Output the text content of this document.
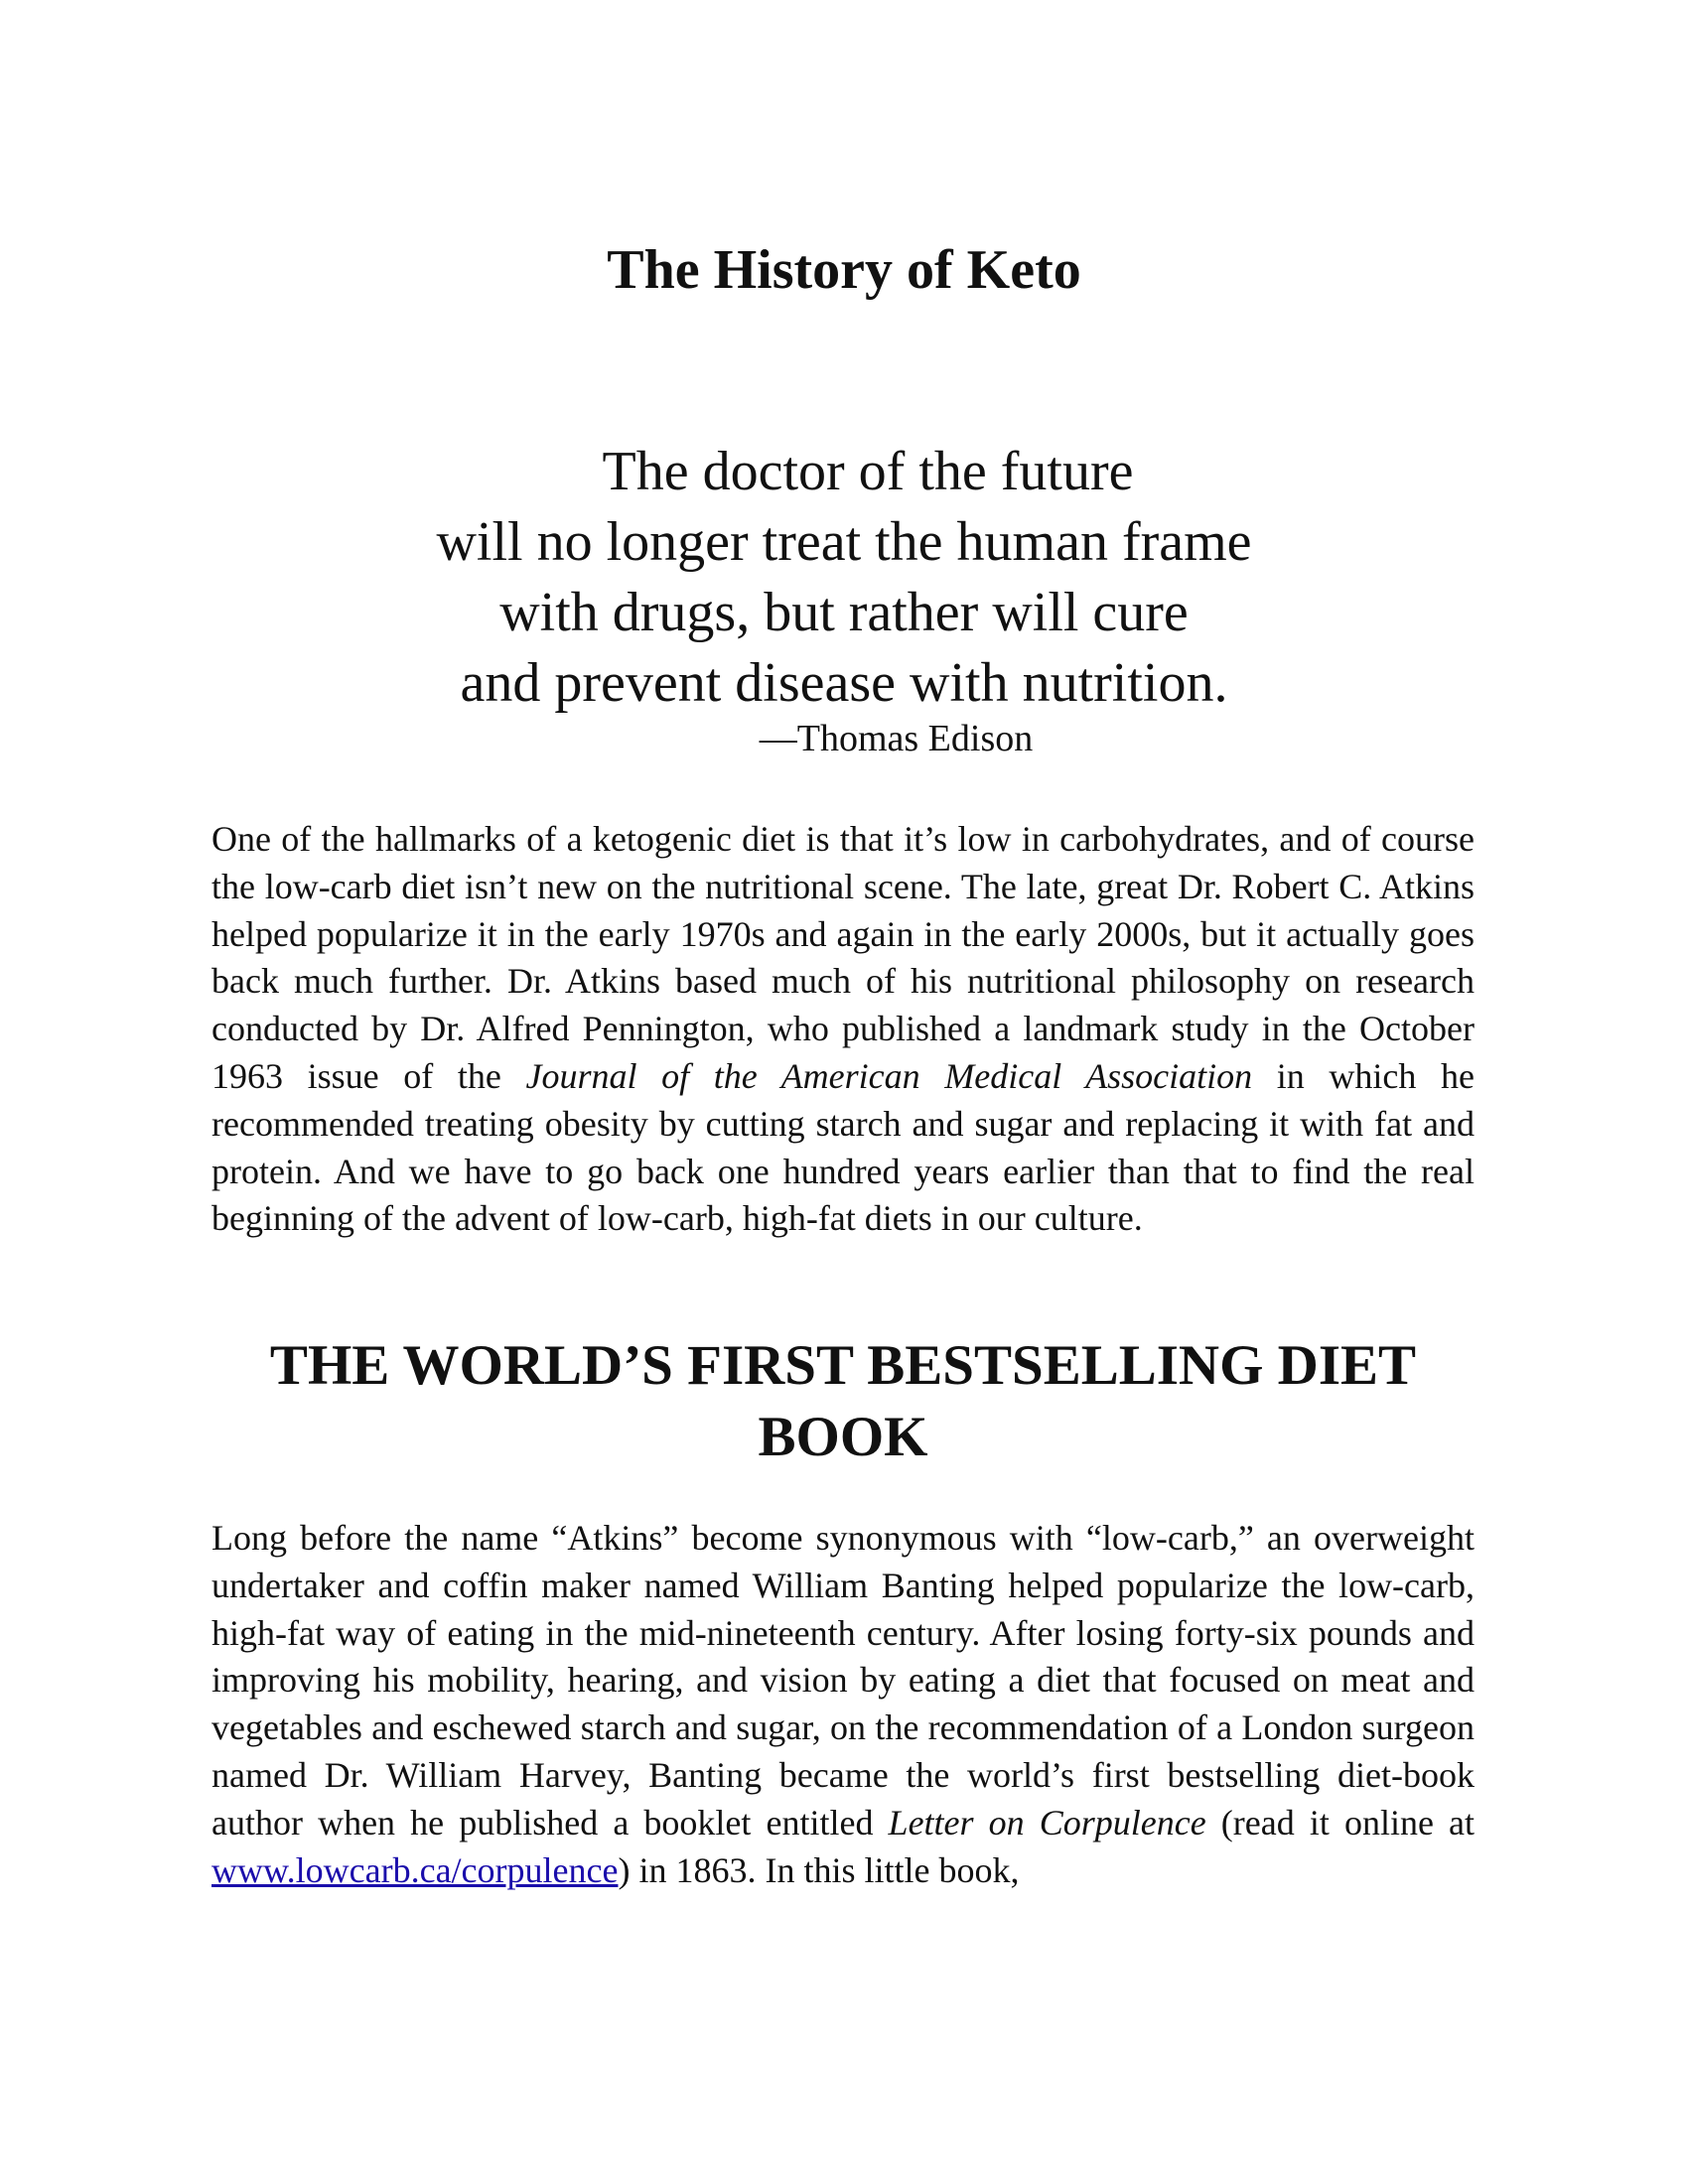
The History of Keto
The doctor of the future
will no longer treat the human frame
with drugs, but rather will cure
and prevent disease with nutrition.
—Thomas Edison

One of the hallmarks of a ketogenic diet is that it’s low in carbohydrates, and of course the low-carb diet isn’t new on the nutritional scene. The late, great Dr. Robert C. Atkins helped popularize it in the early 1970s and again in the early 2000s, but it actually goes back much further. Dr. Atkins based much of his nutritional philosophy on research conducted by Dr. Alfred Pennington, who published a landmark study in the October 1963 issue of the Journal of the American Medical Association in which he recommended treating obesity by cutting starch and sugar and replacing it with fat and protein. And we have to go back one hundred years earlier than that to find the real beginning of the advent of low-carb, high-fat diets in our culture.

THE WORLD’S FIRST BESTSELLING DIET BOOK

Long before the name “Atkins” become synonymous with “low-carb,” an overweight undertaker and coffin maker named William Banting helped popularize the low-carb, high-fat way of eating in the mid-nineteenth century. After losing forty-six pounds and improving his mobility, hearing, and vision by eating a diet that focused on meat and vegetables and eschewed starch and sugar, on the recommendation of a London surgeon named Dr. William Harvey, Banting became the world’s first bestselling diet-book author when he published a booklet entitled Letter on Corpulence (read it online at www.lowcarb.ca/corpulence) in 1863. In this little book,
